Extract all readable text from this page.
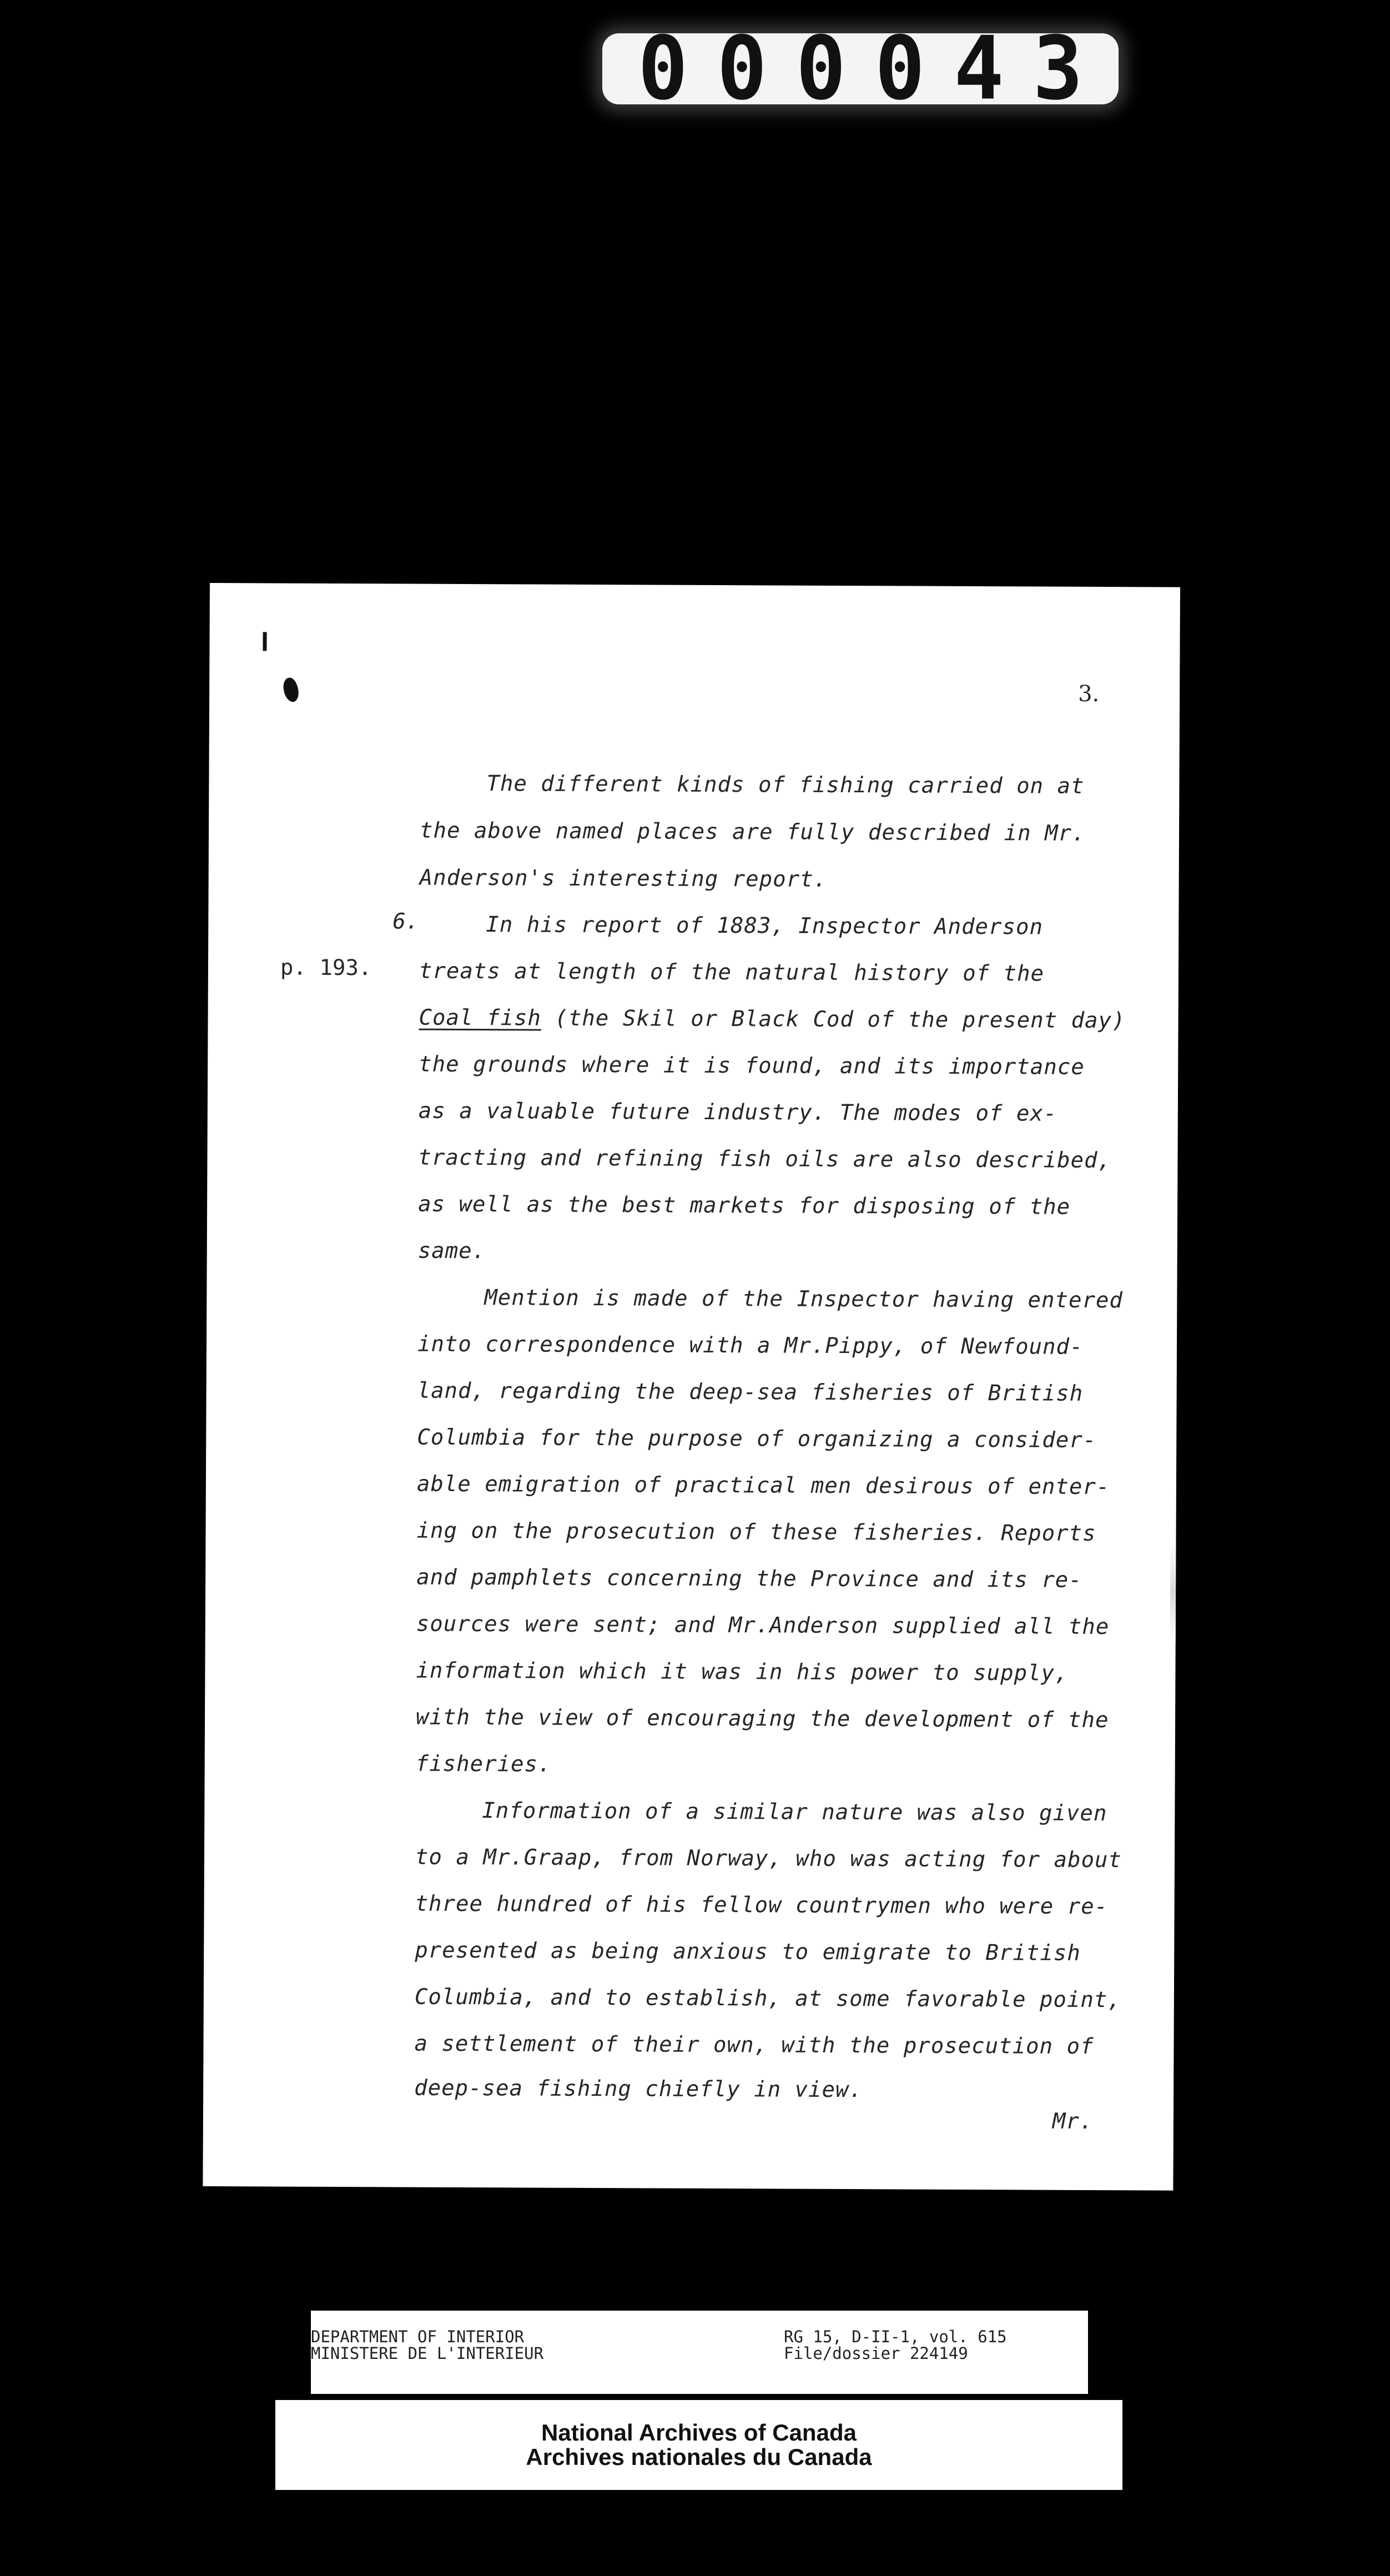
000043
3.
6.
p. 193.
The different kinds of fishing carried on at
the above named places are fully described in Mr.
Anderson's interesting report.
In his report of 1883, Inspector Anderson
treats at length of the natural history of the
Coal fish (the Skil or Black Cod of the present day)
the grounds where it is found, and its importance
as a valuable future industry. The modes of ex-
tracting and refining fish oils are also described,
as well as the best markets for disposing of the
same.
Mention is made of the Inspector having entered
into correspondence with a Mr.Pippy, of Newfound-
land, regarding the deep-sea fisheries of British
Columbia for the purpose of organizing a consider-
able emigration of practical men desirous of enter-
ing on the prosecution of these fisheries. Reports
and pamphlets concerning the Province and its re-
sources were sent; and Mr.Anderson supplied all the
information which it was in his power to supply,
with the view of encouraging the development of the
fisheries.
Information of a similar nature was also given
to a Mr.Graap, from Norway, who was acting for about
three hundred of his fellow countrymen who were re-
presented as being anxious to emigrate to British
Columbia, and to establish, at some favorable point,
a settlement of their own, with the prosecution of
deep-sea fishing chiefly in view.
Mr.
DEPARTMENT OF INTERIOR
MINISTERE DE L'INTERIEUR
RG 15, D-II-1, vol. 615
File/dossier 224149
National Archives of Canada
Archives nationales du Canada
